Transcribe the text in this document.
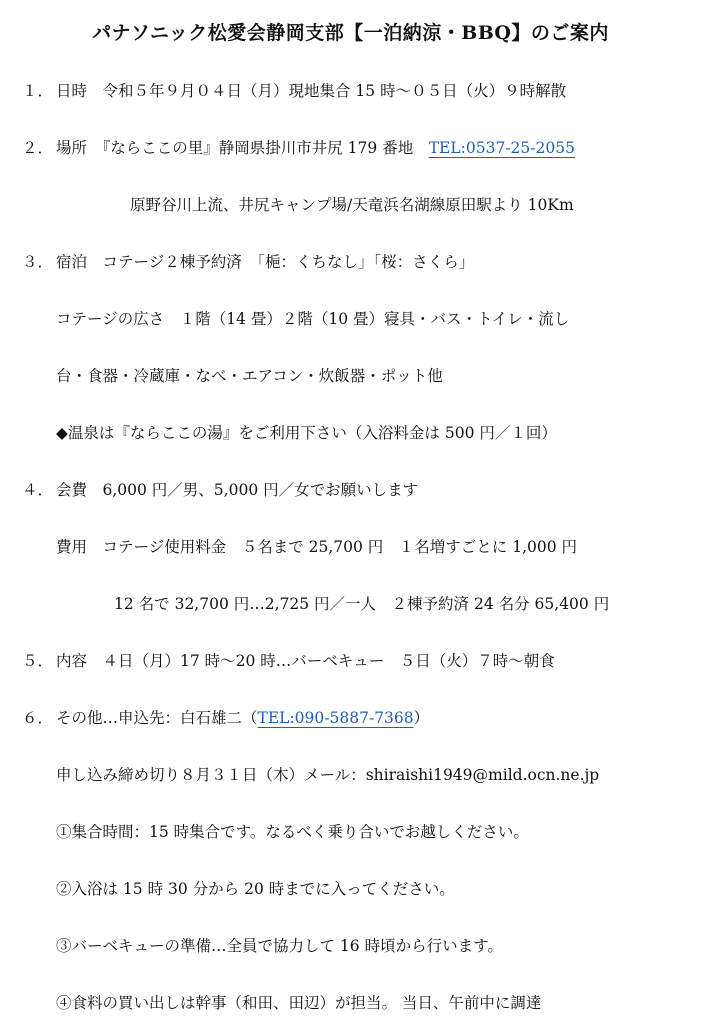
パナソニック松愛会静岡支部【一泊納涼・BBQ】のご案内
１． 日時　令和５年９月０４日（月）現地集合 15 時～０５日（火）９時解散
２． 場所　『ならここの里』静岡県掛川市井尻 179 番地　TEL:0537-25-2055
原野谷川上流、井尻キャンプ場/天竜浜名湖線原田駅より 10Km
３． 宿泊　コテージ２棟予約済　「梔：くちなし」「桜：さくら」
コテージの広さ　１階（14 畳）２階（10 畳）寝具・バス・トイレ・流し
台・食器・冷蔵庫・なべ・エアコン・炊飯器・ポット他
◆温泉は『ならここの湯』をご利用下さい（入浴料金は 500 円／１回）
４． 会費　6,000 円／男、5,000 円／女でお願いします
費用　コテージ使用料金　５名まで 25,700 円　１名増すごとに 1,000 円
12 名で 32,700 円…2,725 円／一人　２棟予約済 24 名分 65,400 円
５． 内容　４日（月）17 時～20 時…バーベキュー　５日（火）７時～朝食
６． その他…申込先：白石雄二（TEL:090-5887-7368）
申し込み締め切り８月３１日（木）メール：shiraishi1949@mild.ocn.ne.jp
①集合時間：15 時集合です。なるべく乗り合いでお越しください。
②入浴は 15 時 30 分から 20 時までに入ってください。
③バーベキューの準備…全員で協力して 16 時頃から行います。
④食料の買い出しは幹事（和田、田辺）が担当。 当日、午前中に調達
